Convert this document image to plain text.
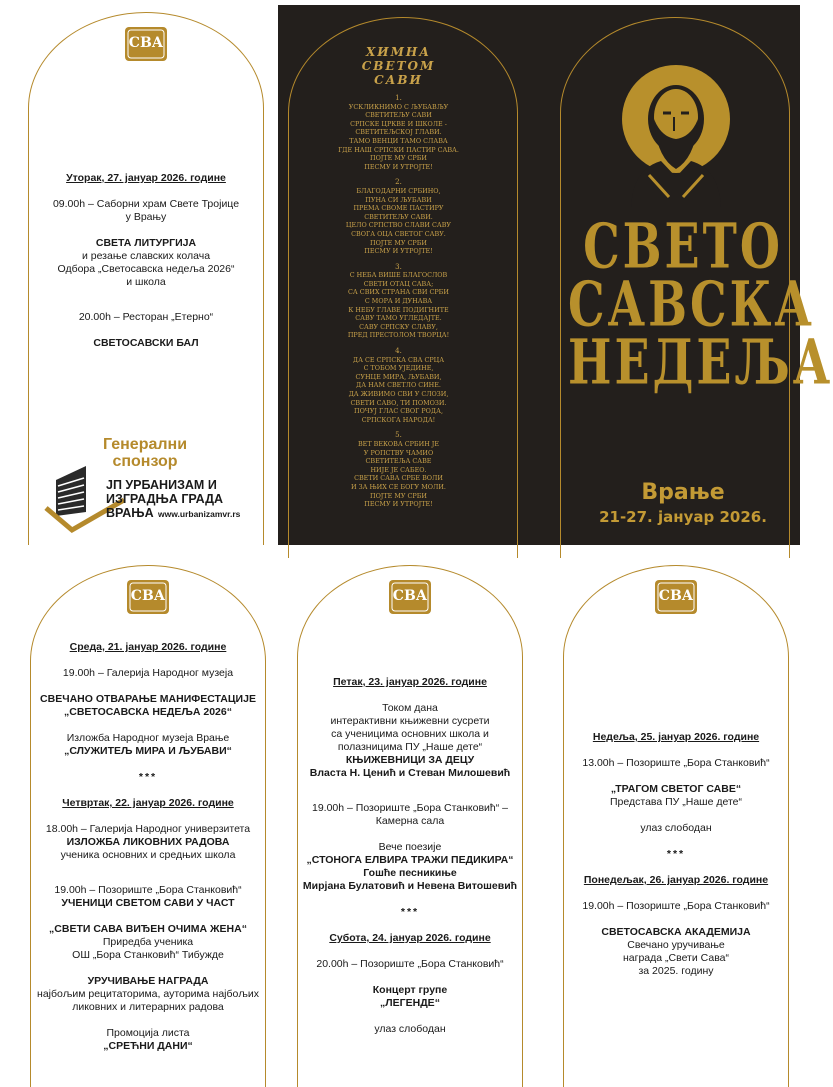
СВА
Уторак, 27. јануар 2026. године
09.00h – Саборни храм Свете Тројице
у Врању
СВЕТА ЛИТУРГИЈА
и резање славских колача
Одбора „Светосавска недеља 2026“
и школа
20.00h – Ресторан „Етерно“
СВЕТОСАВСКИ БАЛ
Генерални спонзор
ЈП УРБАНИЗАМ И
ИЗГРАДЊА ГРАДА ВРАЊА www.urbanizamvr.rs
ХИМНА
СВЕТОМ
САВИ
1.
УСКЛИКНИМО С ЉУБАВЉУ
СВЕТИТЕЉУ САВИ
СРПСКЕ ЦРКВЕ И ШКОЛЕ -
СВЕТИТЕЉСКОЈ ГЛАВИ.
ТАМО ВЕНЦИ ТАМО СЛАВА
ГДЕ НАШ СРПСКИ ПАСТИР САВА.
ПОЈТЕ МУ СРБИ
ПЕСМУ И УТРОЈТЕ!
2.
БЛАГОДАРНИ СРБИНО,
ПУНА СИ ЉУБАВИ
ПРЕМА СВОМЕ ПАСТИРУ
СВЕТИТЕЉУ САВИ.
ЦЕЛО СРПСТВО СЛАВИ САВУ
СВОГА ОЦА СВЕТОГ САВУ.
ПОЈТЕ МУ СРБИ
ПЕСМУ И УТРОЈТЕ!
3.
С НЕБА ВИШЕ БЛАГОСЛОВ
СВЕТИ ОТАЦ САВА;
СА СВИХ СТРАНА СВИ СРБИ
С МОРА И ДУНАВА
К НЕБУ ГЛАВЕ ПОДИГНИТЕ
САВУ ТАМО УГЛЕДАЈТЕ.
САВУ СРПСКУ СЛАВУ,
ПРЕД ПРЕСТОЛОМ ТВОРЦА!
4.
ДА СЕ СРПСКА СВА СРЦА
С ТОБОМ УЈЕДИНЕ,
СУНЦЕ МИРА, ЉУБАВИ,
ДА НАМ СВЕТЛО СИНЕ.
ДА ЖИВИМО СВИ У СЛОЗИ,
СВЕТИ САВО, ТИ ПОМОЗИ.
ПОЧУЈ ГЛАС СВОГ РОДА,
СРПСКОГА НАРОДА!
5.
ВЕТ ВЕКОВА СРБИН ЈЕ
У РОПСТВУ ЧАМИО
СВЕТИТЕЉА САВЕ
НИЈЕ ЈЕ САБЕО.
СВЕТИ САВА СРБЕ ВОЛИ
И ЗА ЊИХ СЕ БОГУ МОЛИ.
ПОЈТЕ МУ СРБИ
ПЕСМУ И УТРОЈТЕ!
СВЕТО
САВСКА
НЕДЕЉА
Врање
21-27. јануар 2026.
СВА
Среда, 21. јануар 2026. године
19.00h – Галерија Народног музеја
СВЕЧАНО ОТВАРАЊЕ МАНИФЕСТАЦИЈЕ
„СВЕТОСАВСКА НЕДЕЉА 2026“
Изложба Народног музеја Врање
„СЛУЖИТЕЉ МИРА И ЉУБАВИ“
***
Четвртак, 22. јануар 2026. године
18.00h – Галерија Народног универзитета
ИЗЛОЖБА ЛИКОВНИХ РАДОВА
ученика основних и средњих школа
19.00h – Позориште „Бора Станковић“
УЧЕНИЦИ СВЕТОМ САВИ У ЧАСТ
„СВЕТИ САВА ВИЂЕН ОЧИМА ЖЕНА“
Приредба ученика
ОШ „Бора Станковић“ Тибужде
УРУЧИВАЊЕ НАГРАДА
најбољим рецитаторима, ауторима најбољих
ликовних и литерарних радова
Промоција листа
„СРЕЋНИ ДАНИ“
СВА
Петак, 23. јануар 2026. године
Током дана
интерактивни књижевни сусрети
са ученицима основних школа и
полазницима ПУ „Наше дете“
КЊИЖЕВНИЦИ ЗА ДЕЦУ
Власта Н. Ценић и Стеван Милошевић
19.00h – Позориште „Бора Станковић“ –
Камерна сала
Вече поезије
„СТОНОГА ЕЛВИРА ТРАЖИ ПЕДИКИРА“
Гошће песникиње
Мирјана Булатовић и Невена Витошевић
***
Субота, 24. јануар 2026. године
20.00h – Позориште „Бора Станковић“
Концерт групе
„ЛЕГЕНДЕ“
улаз слободан
СВА
Недеља, 25. јануар 2026. године
13.00h – Позориште „Бора Станковић“
„ТРАГОМ СВЕТОГ САВЕ“
Представа ПУ „Наше дете“
улаз слободан
***
Понедељак, 26. јануар 2026. године
19.00h – Позориште „Бора Станковић“
СВЕТОСАВСКА АКАДЕМИЈА
Свечано уручивање
награда „Свети Сава“
за 2025. годину
